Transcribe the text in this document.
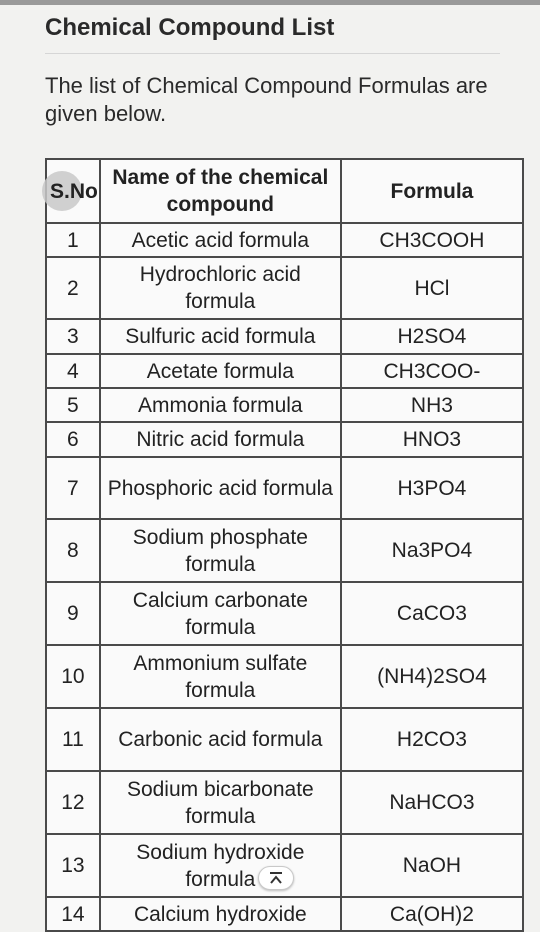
Chemical Compound List

The list of Chemical Compound Formulas are given below.

S.No	Name of the chemical compound	Formula
1	Acetic acid formula	CH3COOH
2	Hydrochloric acid formula	HCl
3	Sulfuric acid formula	H2SO4
4	Acetate formula	CH3COO-
5	Ammonia formula	NH3
6	Nitric acid formula	HNO3
7	Phosphoric acid formula	H3PO4
8	Sodium phosphate formula	Na3PO4
9	Calcium carbonate formula	CaCO3
10	Ammonium sulfate formula	(NH4)2SO4
11	Carbonic acid formula	H2CO3
12	Sodium bicarbonate formula	NaHCO3
13	Sodium hydroxide formula	NaOH
14	Calcium hydroxide	Ca(OH)2
